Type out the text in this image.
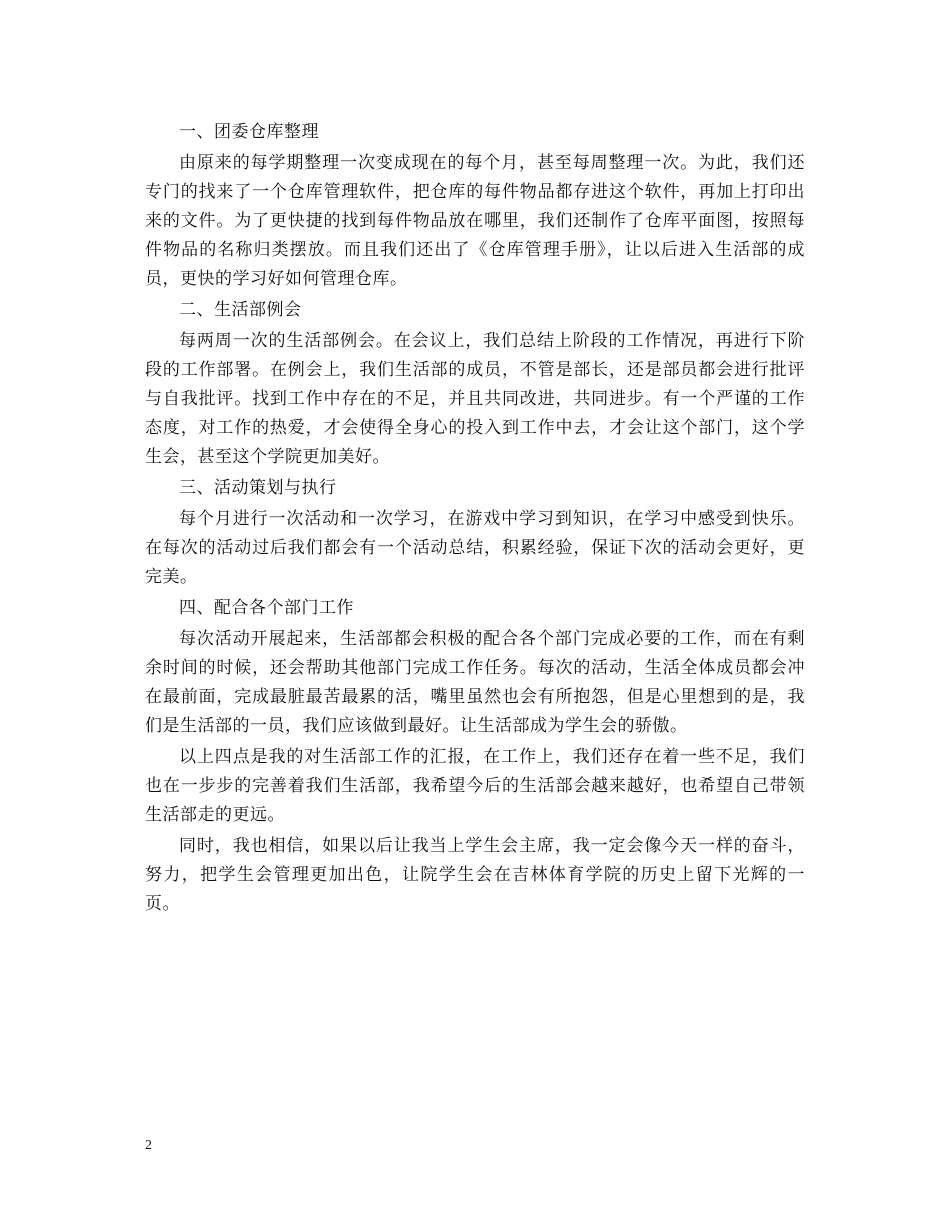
一、团委仓库整理

由原来的每学期整理一次变成现在的每个月，甚至每周整理一次。为此，我们还专门的找来了一个仓库管理软件，把仓库的每件物品都存进这个软件，再加上打印出来的文件。为了更快捷的找到每件物品放在哪里，我们还制作了仓库平面图，按照每件物品的名称归类摆放。而且我们还出了《仓库管理手册》，让以后进入生活部的成员，更快的学习好如何管理仓库。

二、生活部例会

每两周一次的生活部例会。在会议上，我们总结上阶段的工作情况，再进行下阶段的工作部署。在例会上，我们生活部的成员，不管是部长，还是部员都会进行批评与自我批评。找到工作中存在的不足，并且共同改进，共同进步。有一个严谨的工作态度，对工作的热爱，才会使得全身心的投入到工作中去，才会让这个部门，这个学生会，甚至这个学院更加美好。

三、活动策划与执行

每个月进行一次活动和一次学习，在游戏中学习到知识，在学习中感受到快乐。在每次的活动过后我们都会有一个活动总结，积累经验，保证下次的活动会更好，更完美。

四、配合各个部门工作

每次活动开展起来，生活部都会积极的配合各个部门完成必要的工作，而在有剩余时间的时候，还会帮助其他部门完成工作任务。每次的活动，生活全体成员都会冲在最前面，完成最脏最苦最累的活，嘴里虽然也会有所抱怨，但是心里想到的是，我们是生活部的一员，我们应该做到最好。让生活部成为学生会的骄傲。

以上四点是我的对生活部工作的汇报，在工作上，我们还存在着一些不足，我们也在一步步的完善着我们生活部，我希望今后的生活部会越来越好，也希望自己带领生活部走的更远。

同时，我也相信，如果以后让我当上学生会主席，我一定会像今天一样的奋斗，努力，把学生会管理更加出色，让院学生会在吉林体育学院的历史上留下光辉的一页。

2
